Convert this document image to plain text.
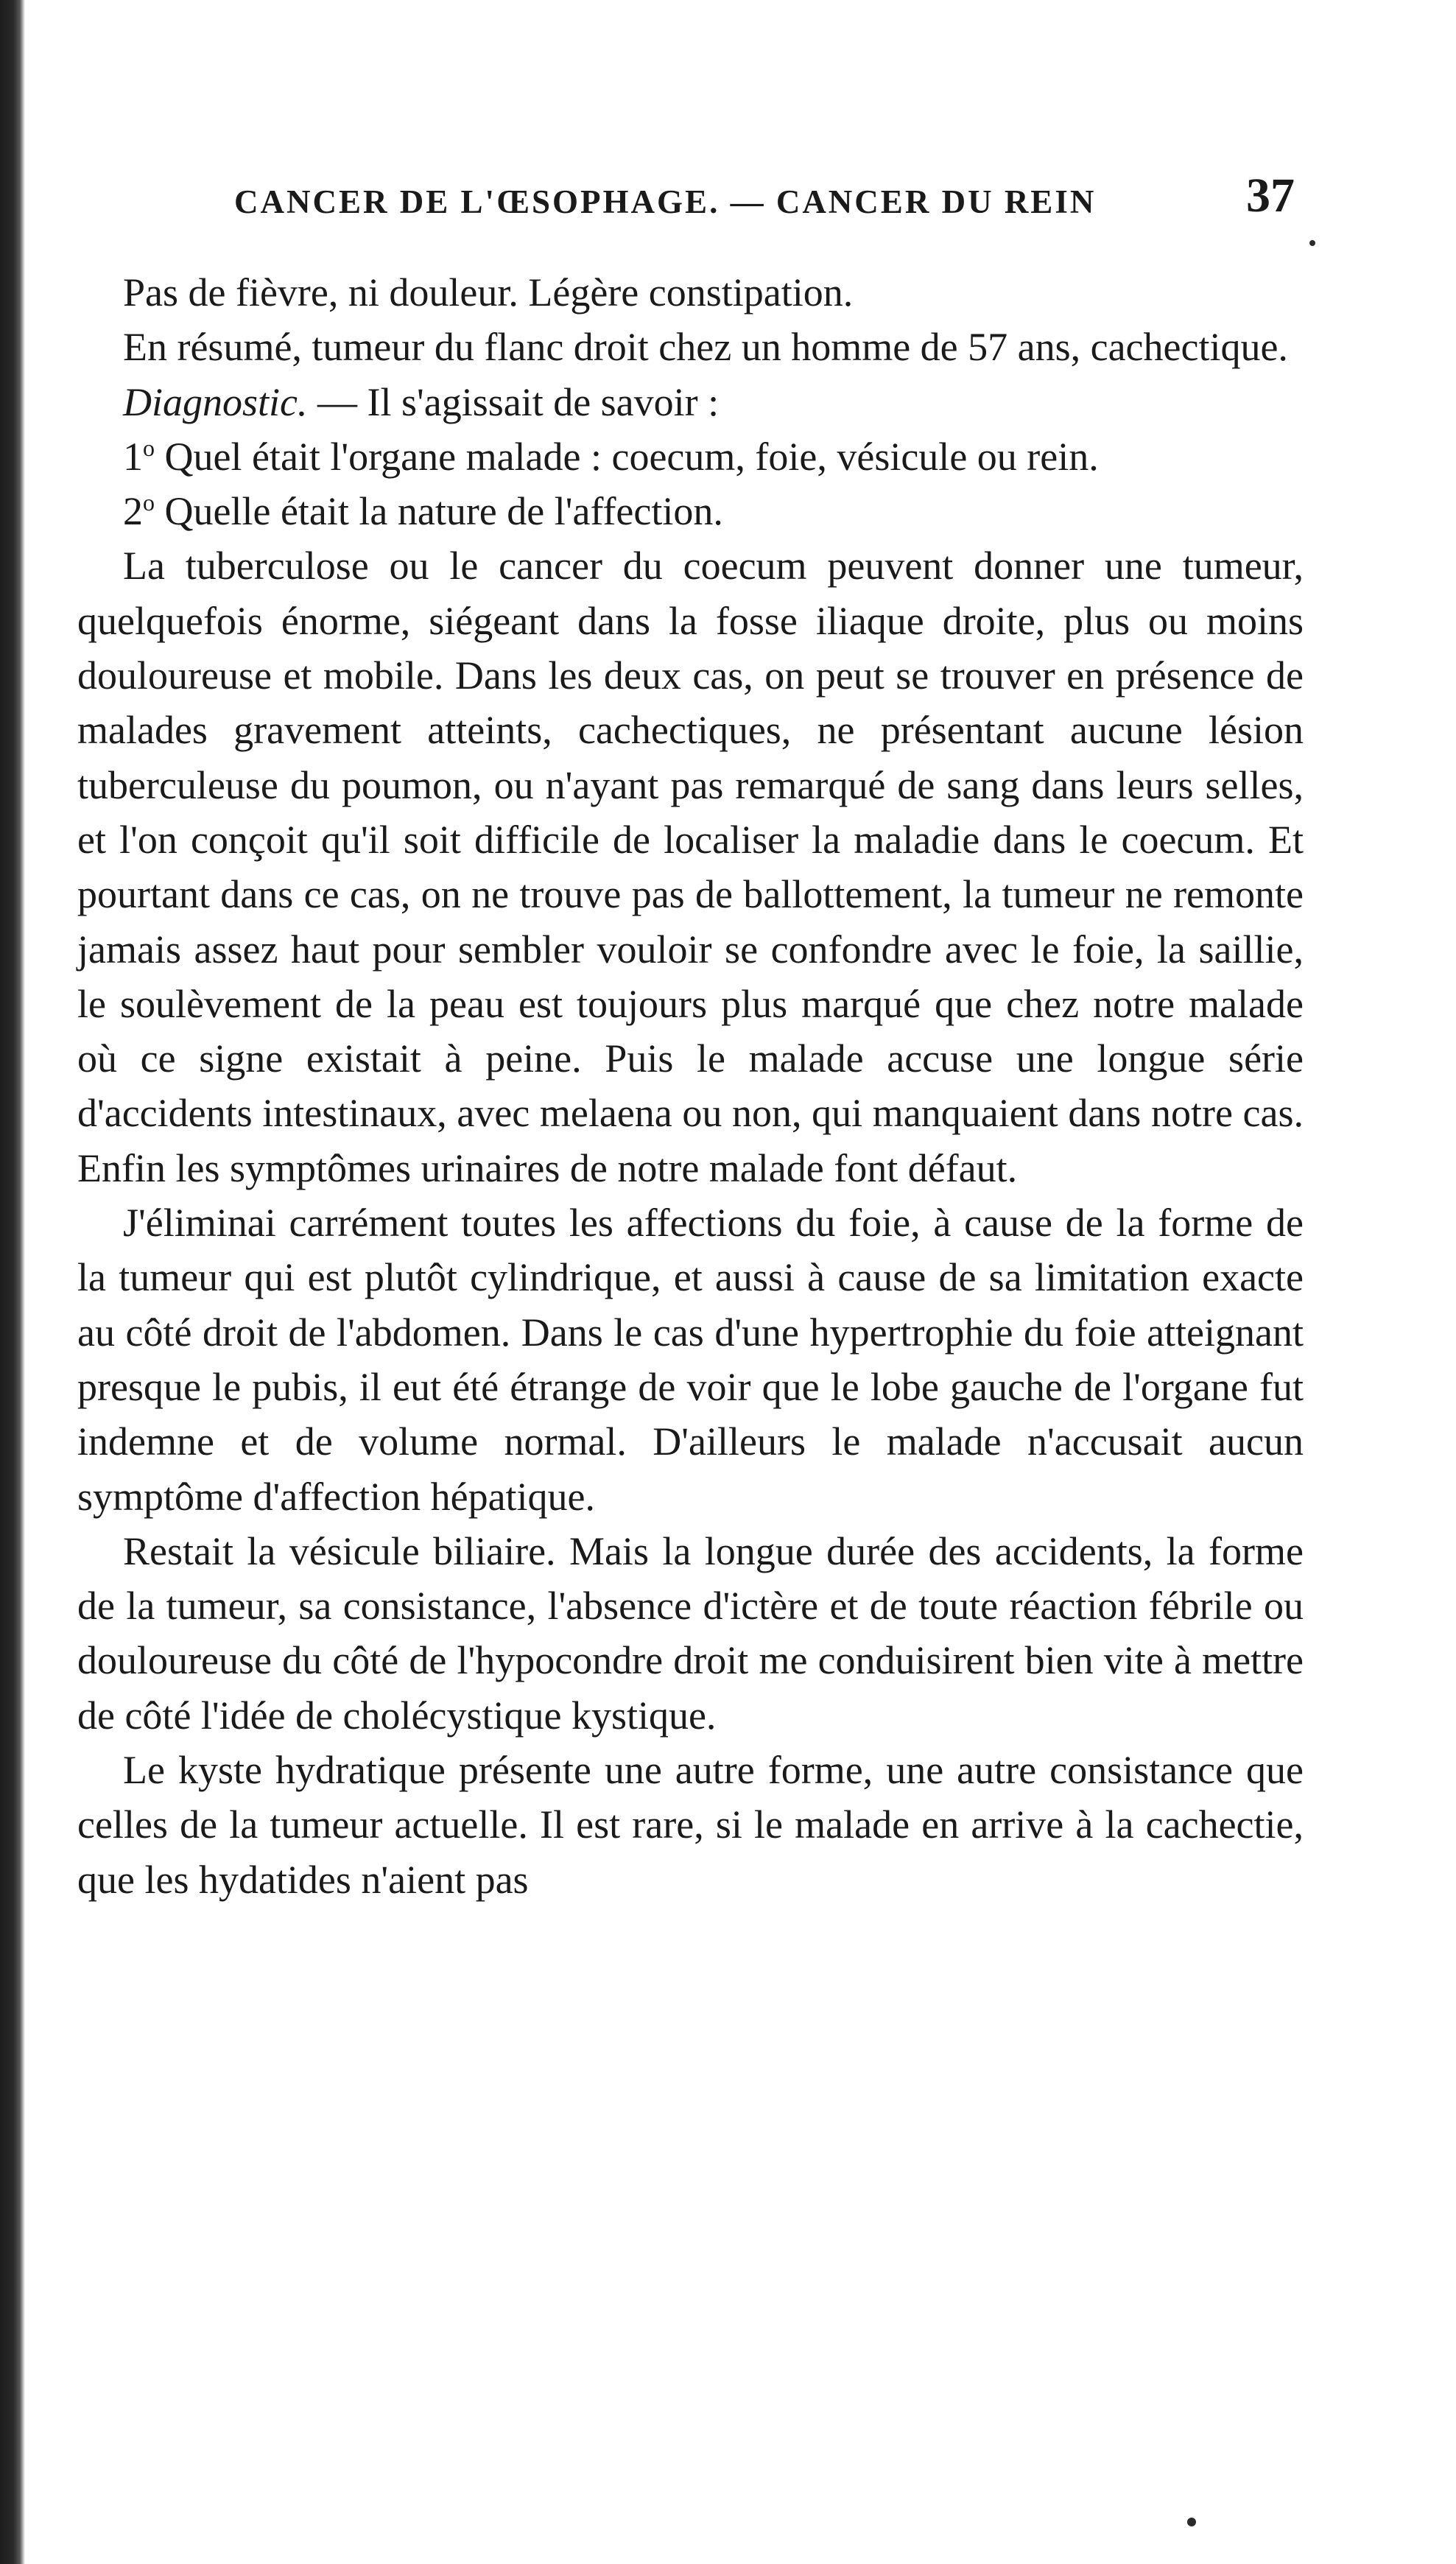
CANCER DE L'ŒSOPHAGE. — CANCER DU REIN	37

Pas de fièvre, ni douleur. Légère constipation.

En résumé, tumeur du flanc droit chez un homme de 57 ans, cachectique.

Diagnostic. — Il s'agissait de savoir :

1$^o$ Quel était l'organe malade : coecum, foie, vésicule ou rein.

2$^o$ Quelle était la nature de l'affection.

La tuberculose ou le cancer du coecum peuvent donner une tumeur, quelquefois énorme, siégeant dans la fosse iliaque droite, plus ou moins douloureuse et mobile. Dans les deux cas, on peut se trouver en présence de malades gravement atteints, cachectiques, ne présentant aucune lésion tuberculeuse du poumon, ou n'ayant pas remarqué de sang dans leurs selles, et l'on conçoit qu'il soit difficile de localiser la maladie dans le coecum. Et pourtant dans ce cas, on ne trouve pas de ballottement, la tumeur ne remonte jamais assez haut pour sembler vouloir se confondre avec le foie, la saillie, le soulèvement de la peau est toujours plus marqué que chez notre malade où ce signe existait à peine. Puis le malade accuse une longue série d'accidents intestinaux, avec melaena ou non, qui manquaient dans notre cas. Enfin les symptômes urinaires de notre malade font défaut.

J'éliminai carrément toutes les affections du foie, à cause de la forme de la tumeur qui est plutôt cylindrique, et aussi à cause de sa limitation exacte au côté droit de l'abdomen. Dans le cas d'une hypertrophie du foie atteignant presque le pubis, il eut été étrange de voir que le lobe gauche de l'organe fut indemne et de volume normal. D'ailleurs le malade n'accusait aucun symptôme d'affection hépatique.

Restait la vésicule biliaire. Mais la longue durée des accidents, la forme de la tumeur, sa consistance, l'absence d'ictère et de toute réaction fébrile ou douloureuse du côté de l'hypocondre droit me conduisirent bien vite à mettre de côté l'idée de cholécystique kystique.

Le kyste hydratique présente une autre forme, une autre consistance que celles de la tumeur actuelle. Il est rare, si le malade en arrive à la cachectie, que les hydatides n'aient pas
